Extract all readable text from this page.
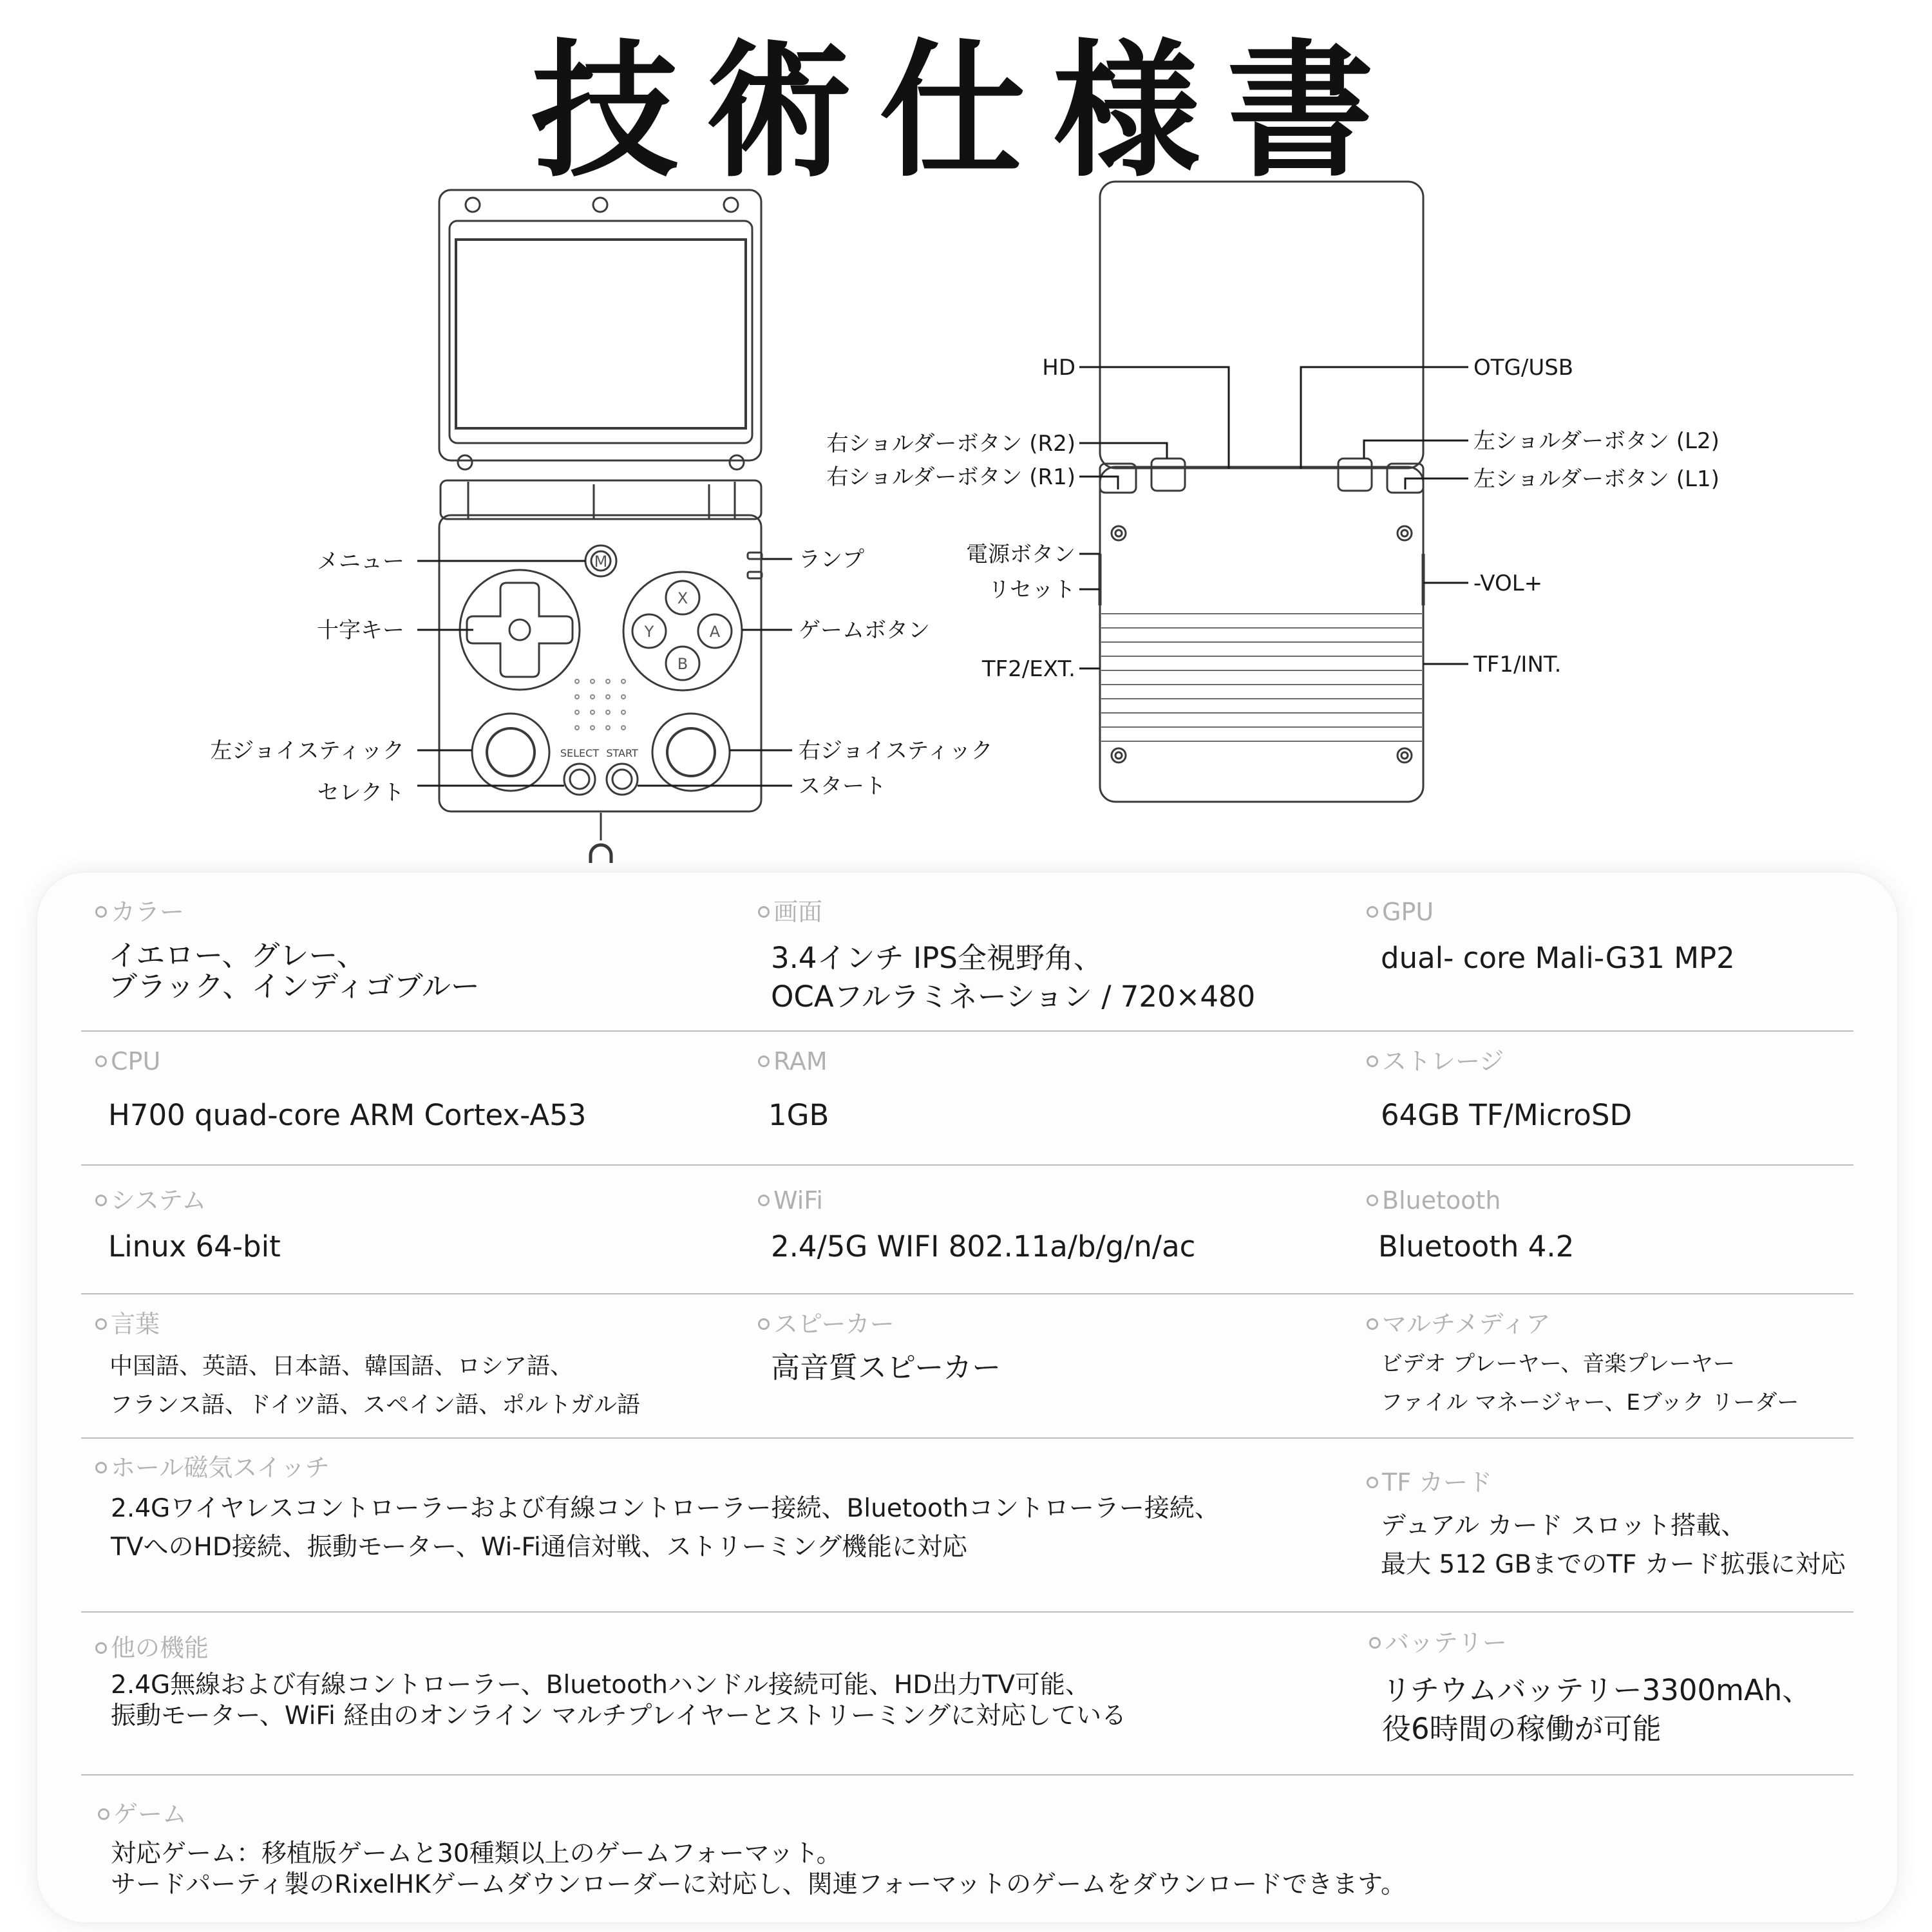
技術仕様書
M
X
Y	A
B
SELECT START
メニュー
十字キー
左ジョイスティック
セレクト
ランプ
ゲームボタン
右ジョイスティック
スタート
HD
右ショルダーボタン (R2)
右ショルダーボタン (R1)
電源ボタン
リセット
TF2/EXT.
OTG/USB
左ショルダーボタン (L2)
左ショルダーボタン (L1)
-VOL+
TF1/INT.
カラー
イエロー、グレー、
ブラック、インディゴブルー
画面
3.4インチ IPS全視野角、
OCAフルラミネーション / 720×480
GPU
dual- core Mali-G31 MP2
CPU
H700 quad-core ARM Cortex-A53
RAM
1GB
ストレージ
64GB TF/MicroSD
システム
Linux 64-bit
WiFi
2.4/5G WIFI 802.11a/b/g/n/ac
Bluetooth
Bluetooth 4.2
言葉
中国語、英語、日本語、韓国語、ロシア語、
フランス語、ドイツ語、スペイン語、ポルトガル語
スピーカー
高音質スピーカー
マルチメディア
ビデオ プレーヤー、音楽プレーヤー
ファイル マネージャー、Eブック リーダー
ホール磁気スイッチ
2.4Gワイヤレスコントローラーおよび有線コントローラー接続、Bluetoothコントローラー接続、
TVへのHD接続、振動モーター、Wi-Fi通信対戦、ストリーミング機能に対応
TF カード
デュアル カード スロット搭載、
最大 512 GBまでのTF カード拡張に対応
他の機能
2.4G無線および有線コントローラー、Bluetoothハンドル接続可能、HD出力TV可能、
振動モーター、WiFi 経由のオンライン マルチプレイヤーとストリーミングに対応している
バッテリー
リチウムバッテリー3300mAh、
役6時間の稼働が可能
ゲーム
対応ゲーム：移植版ゲームと30種類以上のゲームフォーマット。
サードパーティ製のRixelHKゲームダウンローダーに対応し、関連フォーマットのゲームをダウンロードできます。
